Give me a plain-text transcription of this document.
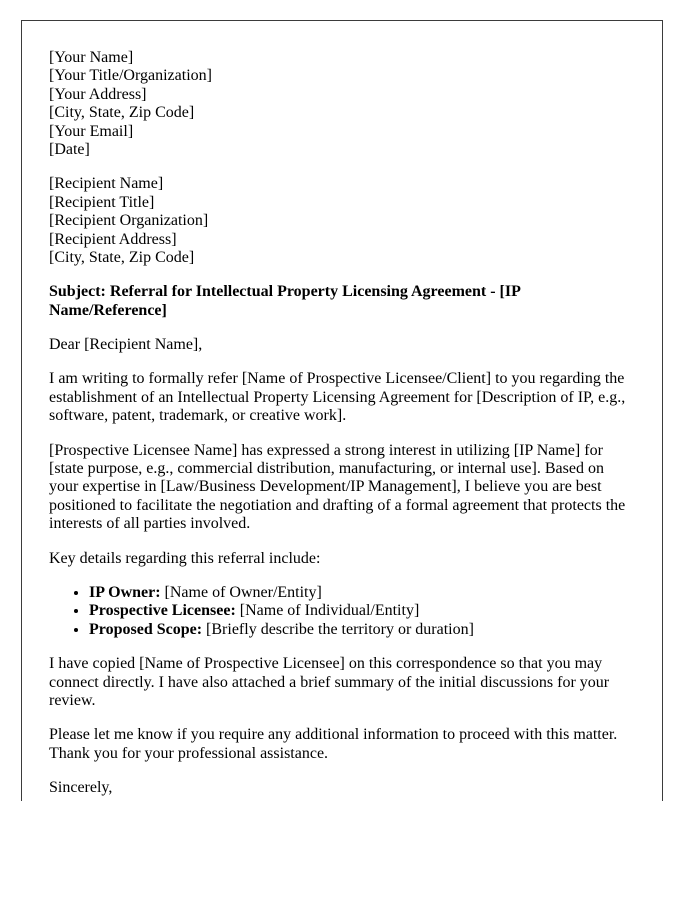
[Your Name]
[Your Title/Organization]
[Your Address]
[City, State, Zip Code]
[Your Email]
[Date]
[Recipient Name]
[Recipient Title]
[Recipient Organization]
[Recipient Address]
[City, State, Zip Code]

Subject: Referral for Intellectual Property Licensing Agreement - [IP Name/Reference]

Dear [Recipient Name],

I am writing to formally refer [Name of Prospective Licensee/Client] to you regarding the establishment of an Intellectual Property Licensing Agreement for [Description of IP, e.g., software, patent, trademark, or creative work].

[Prospective Licensee Name] has expressed a strong interest in utilizing [IP Name] for [state purpose, e.g., commercial distribution, manufacturing, or internal use]. Based on your expertise in [Law/Business Development/IP Management], I believe you are best positioned to facilitate the negotiation and drafting of a formal agreement that protects the interests of all parties involved.

Key details regarding this referral include:

• IP Owner: [Name of Owner/Entity]
• Prospective Licensee: [Name of Individual/Entity]
• Proposed Scope: [Briefly describe the territory or duration]

I have copied [Name of Prospective Licensee] on this correspondence so that you may connect directly. I have also attached a brief summary of the initial discussions for your review.

Please let me know if you require any additional information to proceed with this matter. Thank you for your professional assistance.

Sincerely,
